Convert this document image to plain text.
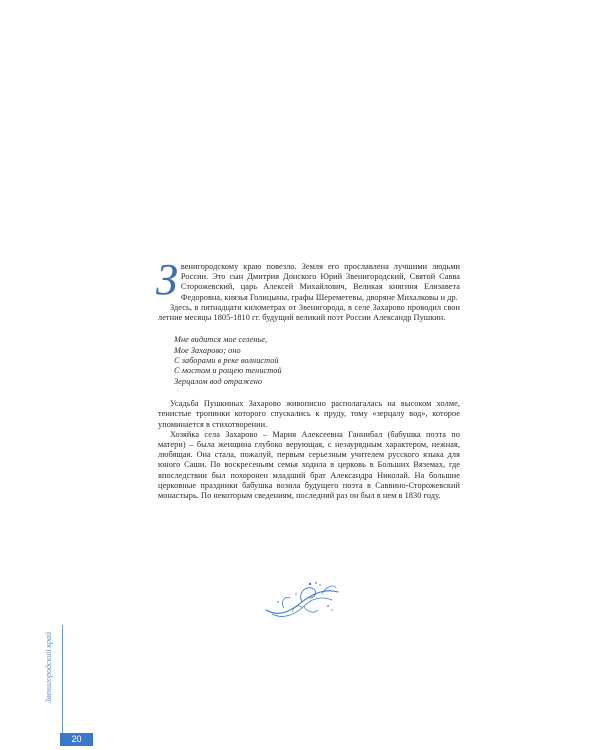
Звенигородскому краю повезло. Земля его прославлена лучшими людьми России. Это сын Дмитрия Донского Юрий Звенигородский, Святой Савва Сторожевский, царь Алексей Михайлович, Великая княгиня Елизавета Федоровна, князья Голицыны, графы Шереметевы, дворяне Михалковы и др.

Здесь, в пятнадцати километрах от Звенигорода, в селе Захарово проводил свои летние месяцы 1805-1810 гг. будущий великий поэт России Александр Пушкин.

Мне видится мое селенье,
Мое Захарово; оно
С заборами в реке волнистой
С мостом и рощею тенистой
Зерцалом вод отражено

Усадьба Пушкиных Захарово живописно располагалась на высоком холме, тенистые тропинки которого спускались к пруду, тому «зерцалу вод», которое упоминается в стихотворении.

Хозяйка села Захарово – Мария Алексеевна Ганнибал (бабушка поэта по матери) – была женщина глубоко верующая, с незаурядным характером, нежная, любящая. Она стала, пожалуй, первым серьезным учителем русского языка для юного Саши. По воскресеньям семья ходила в церковь в Больших Вяземах, где впоследствии был похоронен младший брат Александра Николай. На большие церковные праздники бабушка возила будущего поэта в Саввино-Сторожевский монастырь. По некоторым сведениям, последний раз он был в нем в 1830 году.

Звенигородский край
20
